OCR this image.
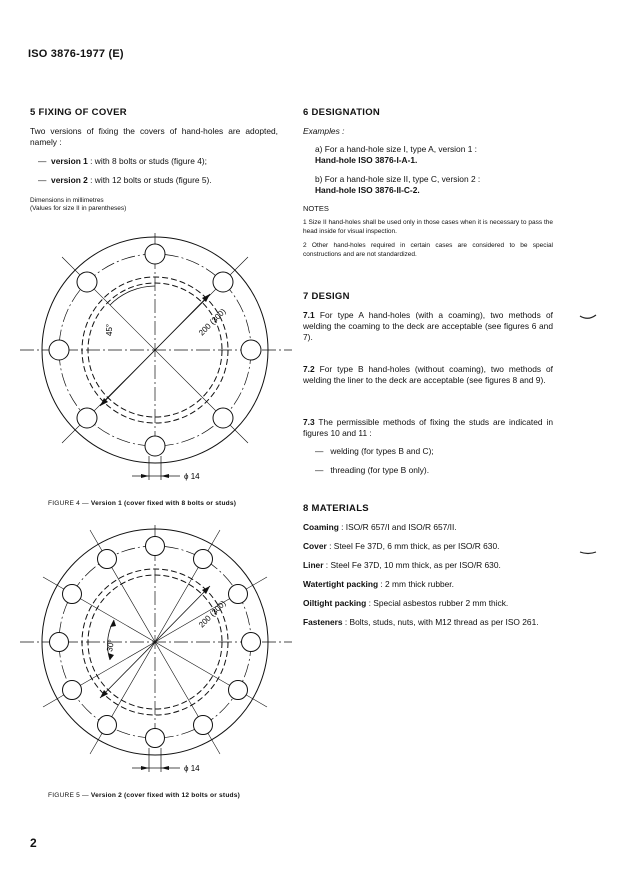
ISO 3876-1977 (E)
5 FIXING OF COVER
Two versions of fixing the covers of hand-holes are adopted, namely :
—  version 1 : with 8 bolts or studs (figure 4);
—  version 2 : with 12 bolts or studs (figure 5).
Dimensions in millimetres
(Values for size II in parentheses)
200 (300)
45°
ϕ 14
FIGURE 4 — Version 1 (cover fixed with 8 bolts or studs)
200 (300)
30°
ϕ 14
FIGURE 5 — Version 2 (cover fixed with 12 bolts or studs)
2
6 DESIGNATION
Examples :
a) For a hand-hole size I, type A, version 1 :
Hand-hole ISO 3876-I-A-1.
b) For a hand-hole size II, type C, version 2 :
Hand-hole ISO 3876-II-C-2.
NOTES
1 Size II hand-holes shall be used only in those cases when it is necessary to pass the head inside for visual inspection.
2 Other hand-holes required in certain cases are considered to be special constructions and are not standardized.
7 DESIGN
7.1 For type A hand-holes (with a coaming), two methods of welding the coaming to the deck are acceptable (see figures 6 and 7).
7.2 For type B hand-holes (without coaming), two methods of welding the liner to the deck are acceptable (see figures 8 and 9).
7.3 The permissible methods of fixing the studs are indicated in figures 10 and 11 :
—   welding (for types B and C);
—   threading (for type B only).
8 MATERIALS
Coaming : ISO/R 657/I and ISO/R 657/II.
Cover : Steel Fe 37D, 6 mm thick, as per ISO/R 630.
Liner : Steel Fe 37D, 10 mm thick, as per ISO/R 630.
Watertight packing : 2 mm thick rubber.
Oiltight packing : Special asbestos rubber 2 mm thick.
Fasteners : Bolts, studs, nuts, with M12 thread as per ISO 261.
